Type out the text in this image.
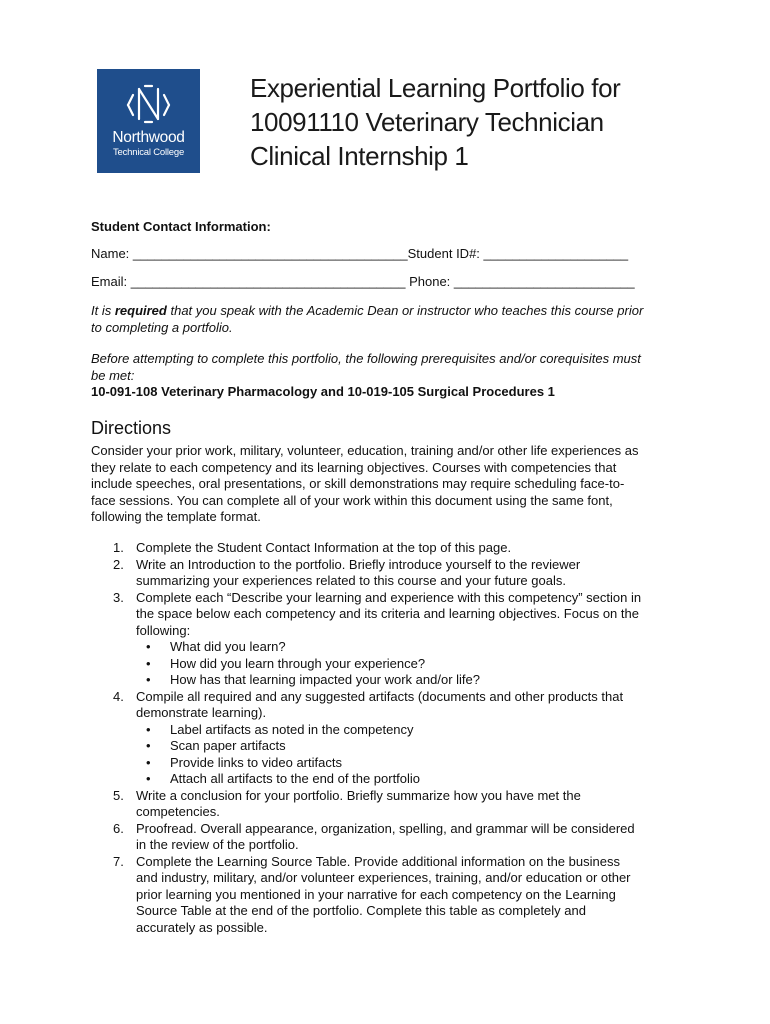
Northwood
Technical College
Experiential Learning Portfolio for
10091110 Veterinary Technician
Clinical Internship 1
Student Contact Information:
Name: ______________________________________Student ID#: ____________________
Email: ______________________________________ Phone: _________________________
It is required that you speak with the Academic Dean or instructor who teaches this course prior
to completing a portfolio.
Before attempting to complete this portfolio, the following prerequisites and/or corequisites must
be met:
10-091-108 Veterinary Pharmacology and 10-019-105 Surgical Procedures 1
Directions
Consider your prior work, military, volunteer, education, training and/or other life experiences as
they relate to each competency and its learning objectives. Courses with competencies that
include speeches, oral presentations, or skill demonstrations may require scheduling face-to-
face sessions. You can complete all of your work within this document using the same font,
following the template format.
1. Complete the Student Contact Information at the top of this page.
2. Write an Introduction to the portfolio. Briefly introduce yourself to the reviewer
summarizing your experiences related to this course and your future goals.
3. Complete each “Describe your learning and experience with this competency” section in
the space below each competency and its criteria and learning objectives. Focus on the
following:
• What did you learn?
• How did you learn through your experience?
• How has that learning impacted your work and/or life?
4. Compile all required and any suggested artifacts (documents and other products that
demonstrate learning).
• Label artifacts as noted in the competency
• Scan paper artifacts
• Provide links to video artifacts
• Attach all artifacts to the end of the portfolio
5. Write a conclusion for your portfolio. Briefly summarize how you have met the
competencies.
6. Proofread. Overall appearance, organization, spelling, and grammar will be considered
in the review of the portfolio.
7. Complete the Learning Source Table. Provide additional information on the business
and industry, military, and/or volunteer experiences, training, and/or education or other
prior learning you mentioned in your narrative for each competency on the Learning
Source Table at the end of the portfolio. Complete this table as completely and
accurately as possible.
